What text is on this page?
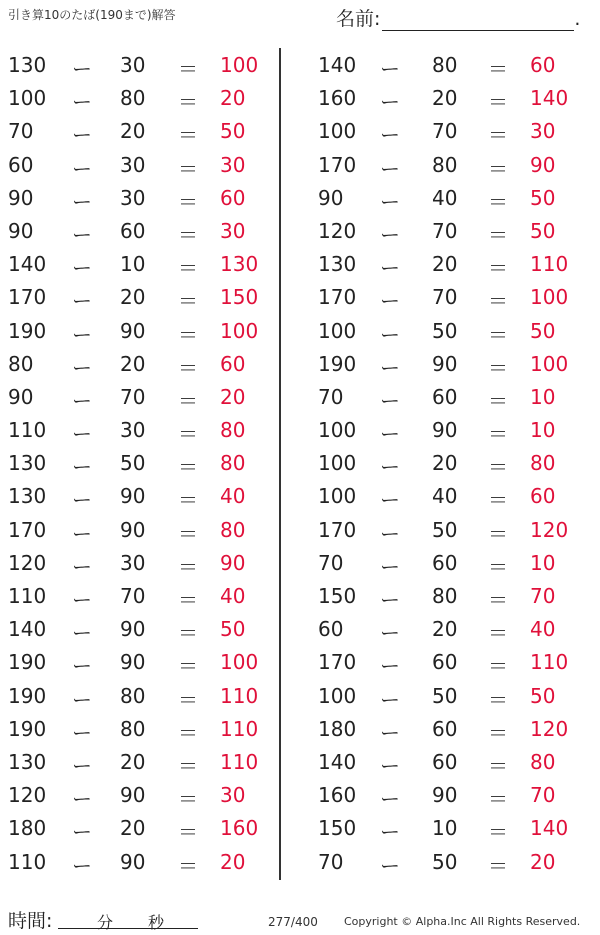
引き算10のたば(190まで)解答	名前:	.
130	ー 30	＝ 100
100	ー 80	＝ 20
70	ー 20	＝ 50
60	ー 30	＝ 30
90	ー 30	＝ 60
90	ー 60	＝ 30
140	ー 10	＝ 130
170	ー 20	＝ 150
190	ー 90	＝ 100
80	ー 20	＝ 60
90	ー 70	＝ 20
110	ー 30	＝ 80
130	ー 50	＝ 80
130	ー 90	＝ 40
170	ー 90	＝ 80
120	ー 30	＝ 90
110	ー 70	＝ 40
140	ー 90	＝ 50
190	ー 90	＝ 100
190	ー 80	＝ 110
190	ー 80	＝ 110
130	ー 20	＝ 110
120	ー 90	＝ 30
180	ー 20	＝ 160
110	ー 90	＝ 20
140	ー 80	＝ 60
160	ー 20	＝ 140
100	ー 70	＝ 30
170	ー 80	＝ 90
90	ー 40	＝ 50
120	ー 70	＝ 50
130	ー 20	＝ 110
170	ー 70	＝ 100
100	ー 50	＝ 50
190	ー 90	＝ 100
70	ー 60	＝ 10
100	ー 90	＝ 10
100	ー 20	＝ 80
100	ー 40	＝ 60
170	ー 50	＝ 120
70	ー 60	＝ 10
150	ー 80	＝ 70
60	ー 20	＝ 40
170	ー 60	＝ 110
100	ー 50	＝ 50
180	ー 60	＝ 120
140	ー 60	＝ 80
160	ー 90	＝ 70
150	ー 10	＝ 140
70	ー 50	＝ 20
時間:	分 秒	277/400 Copyright © Alpha.Inc All Rights Reserved.
